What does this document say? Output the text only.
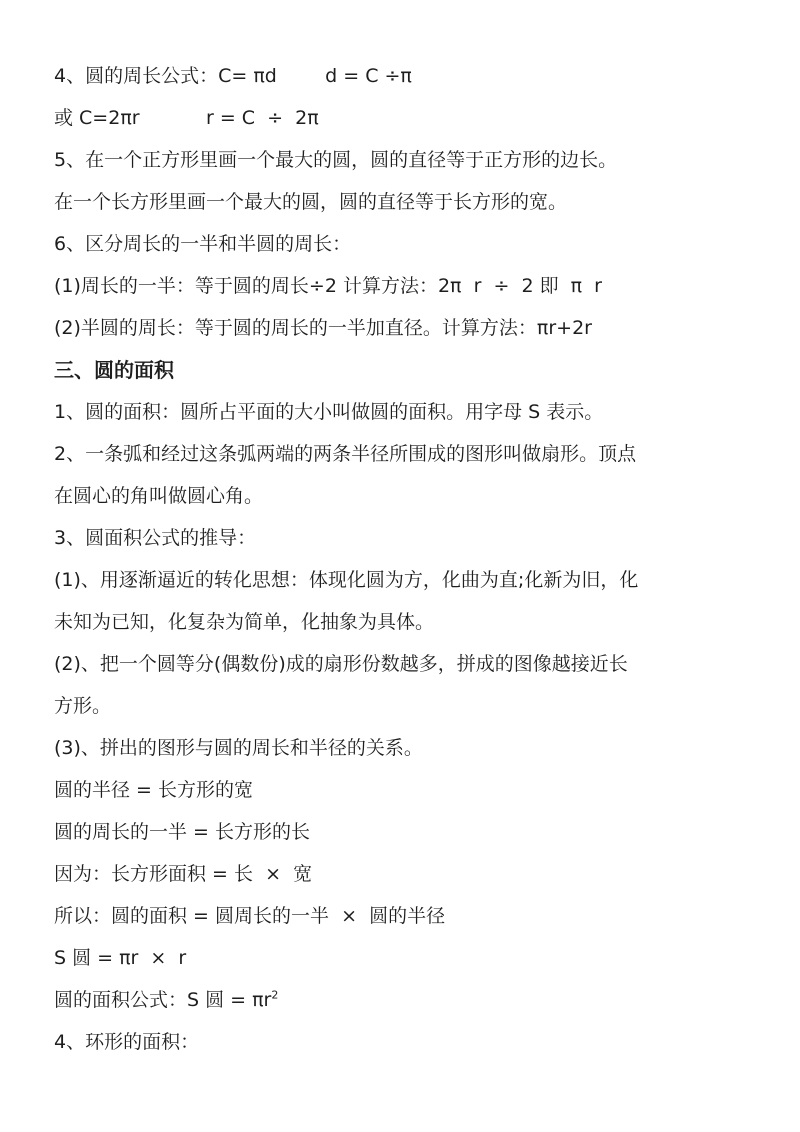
4、圆的周长公式：C= πd        d = C ÷π
或 C=2πr           r = C  ÷  2π
5、在一个正方形里画一个最大的圆，圆的直径等于正方形的边长。
在一个长方形里画一个最大的圆，圆的直径等于长方形的宽。
6、区分周长的一半和半圆的周长：
(1)周长的一半：等于圆的周长÷2 计算方法：2π  r  ÷  2 即  π  r
(2)半圆的周长：等于圆的周长的一半加直径。计算方法：πr+2r
三、圆的面积
1、圆的面积：圆所占平面的大小叫做圆的面积。用字母 S 表示。
2、一条弧和经过这条弧两端的两条半径所围成的图形叫做扇形。顶点
在圆心的角叫做圆心角。
3、圆面积公式的推导：
(1)、用逐渐逼近的转化思想：体现化圆为方，化曲为直;化新为旧，化
未知为已知，化复杂为简单，化抽象为具体。
(2)、把一个圆等分(偶数份)成的扇形份数越多，拼成的图像越接近长
方形。
(3)、拼出的图形与圆的周长和半径的关系。
圆的半径 = 长方形的宽
圆的周长的一半 = 长方形的长
因为：长方形面积 = 长  ×  宽
所以：圆的面积 = 圆周长的一半  ×  圆的半径
S 圆 = πr  ×  r
圆的面积公式：S 圆 = $\pi r^2$
4、环形的面积：
